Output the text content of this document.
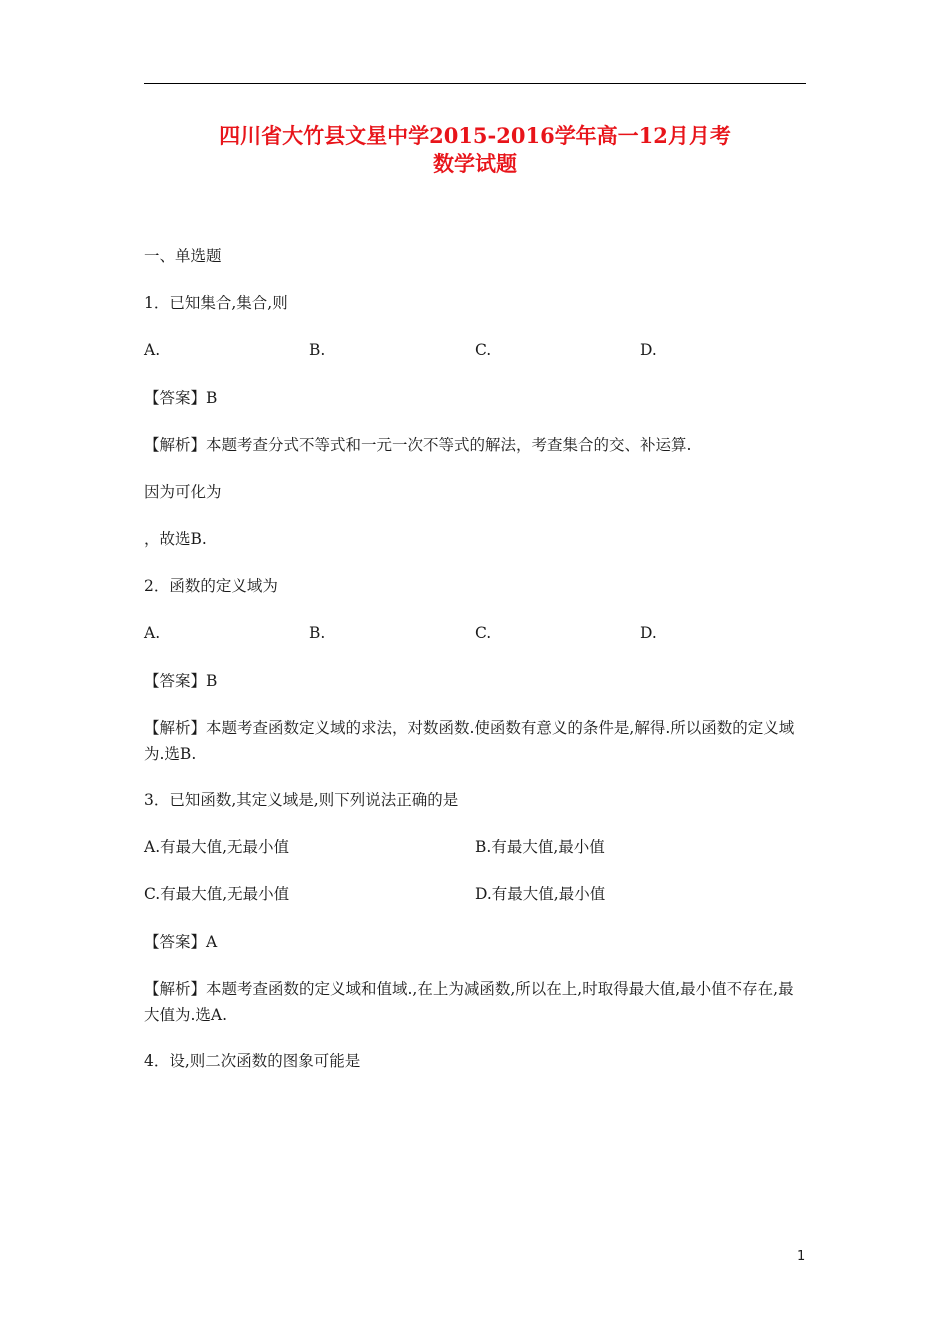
四川省大竹县文星中学2015-2016学年高一12月月考
数学试题
一、单选题
1．已知集合,集合,则
A.	B.	C.	D.
【答案】B
【解析】本题考查分式不等式和一元一次不等式的解法，考查集合的交、补运算.
因为可化为
，故选B.
2．函数的定义域为
A.	B.	C.	D.
【答案】B
【解析】本题考查函数定义域的求法，对数函数.使函数有意义的条件是,解得.所以函数的定义域为.选B.
3．已知函数,其定义域是,则下列说法正确的是
A.有最大值,无最小值	B.有最大值,最小值
C.有最大值,无最小值	D.有最大值,最小值
【答案】A
【解析】本题考查函数的定义域和值域.,在上为减函数,所以在上,时取得最大值,最小值不存在,最大值为.选A.
4．设,则二次函数的图象可能是
1
